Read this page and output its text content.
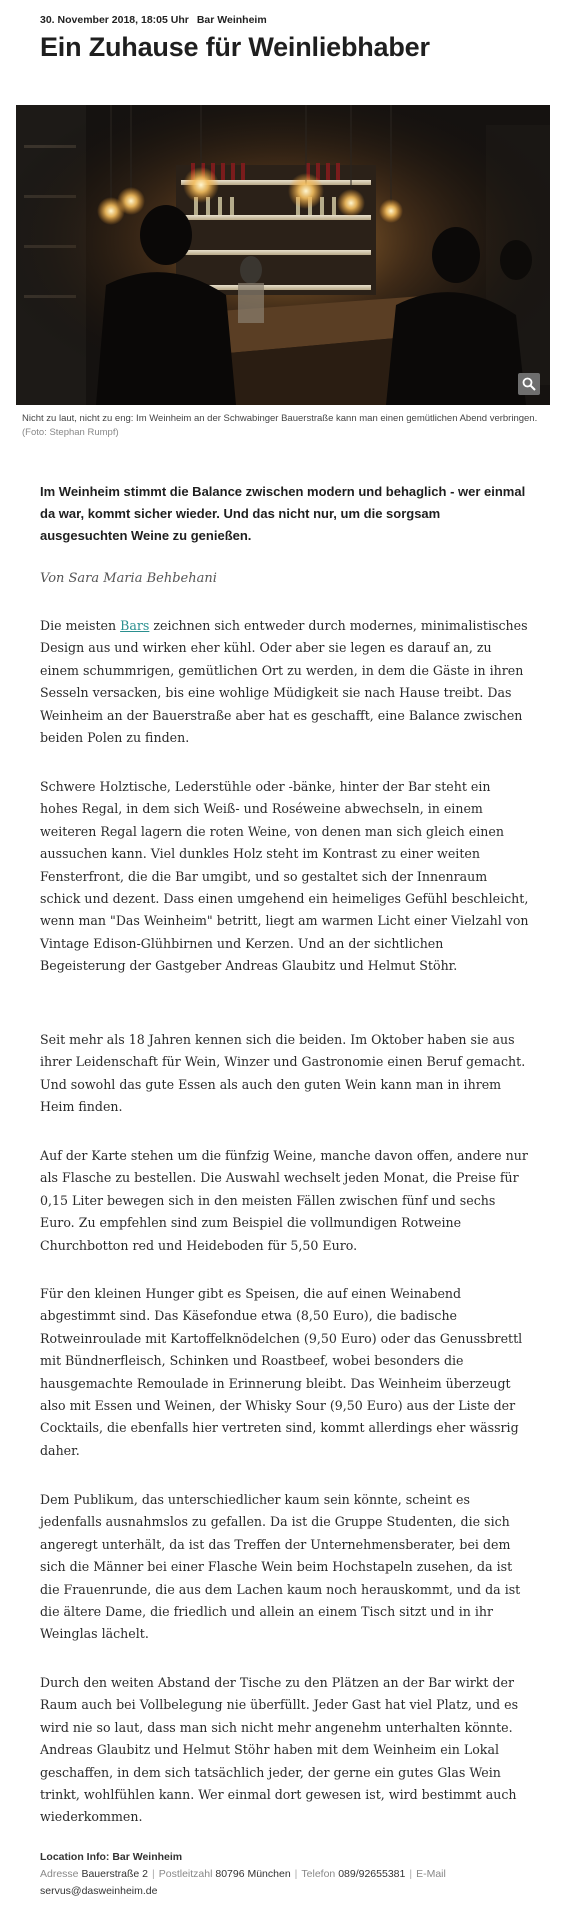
30. November 2018, 18:05 Uhr Bar Weinheim
Ein Zuhause für Weinliebhaber
Nicht zu laut, nicht zu eng: Im Weinheim an der Schwabinger Bauerstraße kann man einen gemütlichen Abend verbringen. (Foto: Stephan Rumpf)
Im Weinheim stimmt die Balance zwischen modern und behaglich - wer einmal da war, kommt sicher wieder. Und das nicht nur, um die sorgsam ausgesuchten Weine zu genießen.
Von Sara Maria Behbehani

Die meisten Bars zeichnen sich entweder durch modernes, minimalistisches Design aus und wirken eher kühl. Oder aber sie legen es darauf an, zu einem schummrigen, gemütlichen Ort zu werden, in dem die Gäste in ihren Sesseln versacken, bis eine wohlige Müdigkeit sie nach Hause treibt. Das Weinheim an der Bauerstraße aber hat es geschafft, eine Balance zwischen beiden Polen zu finden.

Schwere Holztische, Lederstühle oder -bänke, hinter der Bar steht ein hohes Regal, in dem sich Weiß- und Roséweine abwechseln, in einem weiteren Regal lagern die roten Weine, von denen man sich gleich einen aussuchen kann. Viel dunkles Holz steht im Kontrast zu einer weiten Fensterfront, die die Bar umgibt, und so gestaltet sich der Innenraum schick und dezent. Dass einen umgehend ein heimeliges Gefühl beschleicht, wenn man "Das Weinheim" betritt, liegt am warmen Licht einer Vielzahl von Vintage Edison-Glühbirnen und Kerzen. Und an der sichtlichen Begeisterung der Gastgeber Andreas Glaubitz und Helmut Stöhr.

Seit mehr als 18 Jahren kennen sich die beiden. Im Oktober haben sie aus ihrer Leidenschaft für Wein, Winzer und Gastronomie einen Beruf gemacht. Und sowohl das gute Essen als auch den guten Wein kann man in ihrem Heim finden.

Auf der Karte stehen um die fünfzig Weine, manche davon offen, andere nur als Flasche zu bestellen. Die Auswahl wechselt jeden Monat, die Preise für 0,15 Liter bewegen sich in den meisten Fällen zwischen fünf und sechs Euro. Zu empfehlen sind zum Beispiel die vollmundigen Rotweine Churchbotton red und Heideboden für 5,50 Euro.

Für den kleinen Hunger gibt es Speisen, die auf einen Weinabend abgestimmt sind. Das Käsefondue etwa (8,50 Euro), die badische Rotweinroulade mit Kartoffelknödelchen (9,50 Euro) oder das Genussbrettl mit Bündnerfleisch, Schinken und Roastbeef, wobei besonders die hausgemachte Remoulade in Erinnerung bleibt. Das Weinheim überzeugt also mit Essen und Weinen, der Whisky Sour (9,50 Euro) aus der Liste der Cocktails, die ebenfalls hier vertreten sind, kommt allerdings eher wässrig daher.

Dem Publikum, das unterschiedlicher kaum sein könnte, scheint es jedenfalls ausnahmslos zu gefallen. Da ist die Gruppe Studenten, die sich angeregt unterhält, da ist das Treffen der Unternehmensberater, bei dem sich die Männer bei einer Flasche Wein beim Hochstapeln zusehen, da ist die Frauenrunde, die aus dem Lachen kaum noch herauskommt, und da ist die ältere Dame, die friedlich und allein an einem Tisch sitzt und in ihr Weinglas lächelt.

Durch den weiten Abstand der Tische zu den Plätzen an der Bar wirkt der Raum auch bei Vollbelegung nie überfüllt. Jeder Gast hat viel Platz, und es wird nie so laut, dass man sich nicht mehr angenehm unterhalten könnte. Andreas Glaubitz und Helmut Stöhr haben mit dem Weinheim ein Lokal geschaffen, in dem sich tatsächlich jeder, der gerne ein gutes Glas Wein trinkt, wohlfühlen kann. Wer einmal dort gewesen ist, wird bestimmt auch wiederkommen.

Location Info: Bar Weinheim
Adresse Bauerstraße 2 | Postleitzahl 80796 München | Telefon 089/92655381 | E-Mail servus@dasweinheim.de
